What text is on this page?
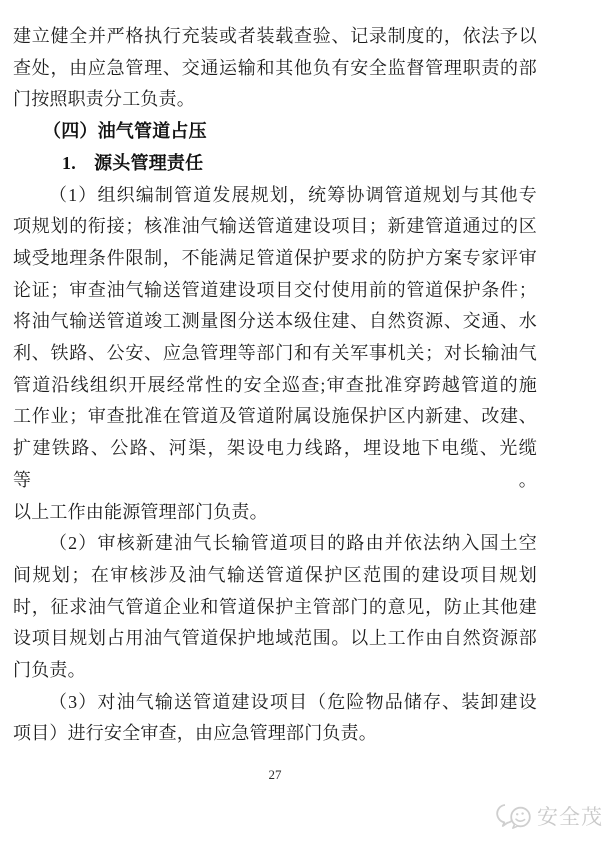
建立健全并严格执行充装或者装载查验、记录制度的，依法予以
查处，由应急管理、交通运输和其他负有安全监督管理职责的部
门按照职责分工负责。
（四）油气管道占压
1.　源头管理责任
（1）组织编制管道发展规划，统筹协调管道规划与其他专
项规划的衔接；核准油气输送管道建设项目；新建管道通过的区
域受地理条件限制，不能满足管道保护要求的防护方案专家评审
论证；审查油气输送管道建设项目交付使用前的管道保护条件；
将油气输送管道竣工测量图分送本级住建、自然资源、交通、水
利、铁路、公安、应急管理等部门和有关军事机关；对长输油气
管道沿线组织开展经常性的安全巡查;审查批准穿跨越管道的施
工作业；审查批准在管道及管道附属设施保护区内新建、改建、
扩建铁路、公路、河渠，架设电力线路，埋设地下电缆、光缆等。
以上工作由能源管理部门负责。
（2）审核新建油气长输管道项目的路由并依法纳入国土空
间规划；在审核涉及油气输送管道保护区范围的建设项目规划
时，征求油气管道企业和管道保护主管部门的意见，防止其他建
设项目规划占用油气管道保护地域范围。以上工作由自然资源部
门负责。
（3）对油气输送管道建设项目（危险物品储存、装卸建设
项目）进行安全审查，由应急管理部门负责。
27
安全茂
